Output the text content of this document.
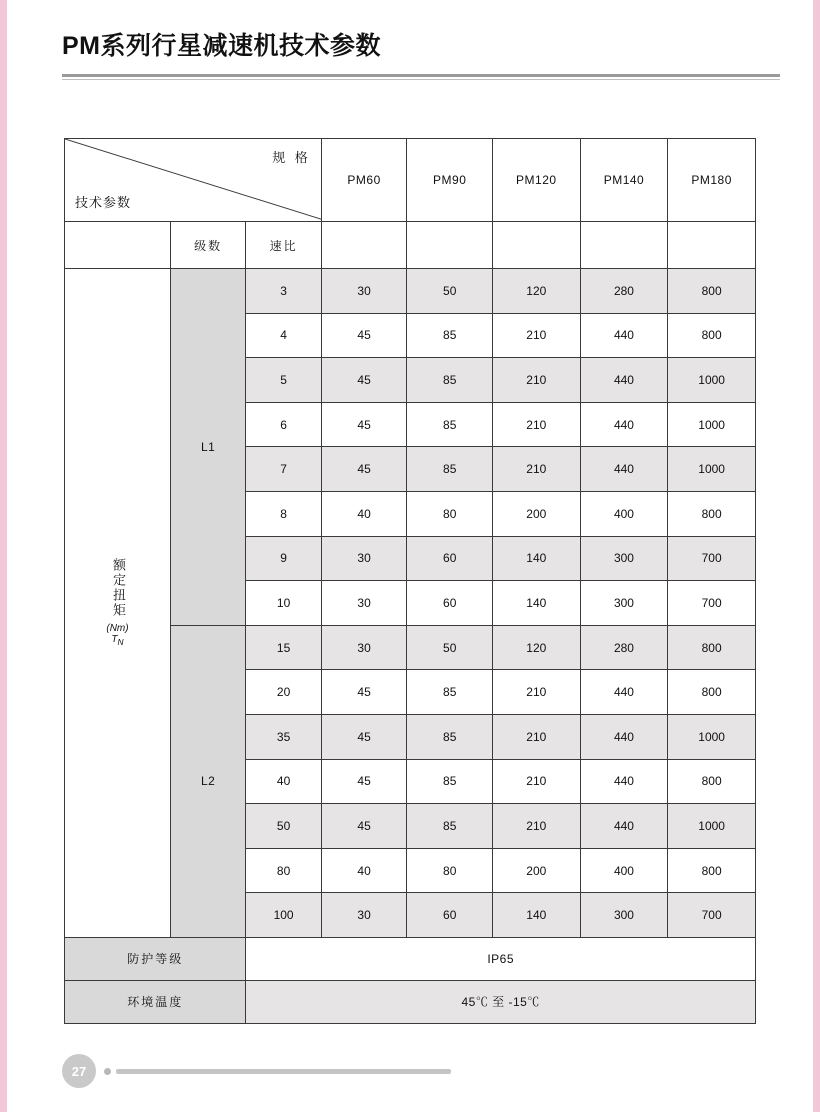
PM系列行星减速机技术参数
规 格
技术参数			PM60	PM90	PM120	PM140	PM180

	级数	速比					
额定扭矩
(Nm)
$T_N$	L1	3	30	50	120	280	800
		4	45	85	210	440	800
		5	45	85	210	440	1000
		6	45	85	210	440	1000
		7	45	85	210	440	1000
		8	40	80	200	400	800
		9	30	60	140	300	700
		10	30	60	140	300	700
	L2	15	30	50	120	280	800
		20	45	85	210	440	800
		35	45	85	210	440	1000
		40	45	85	210	440	800
		50	45	85	210	440	1000
		80	40	80	200	400	800
		100	30	60	140	300	700
防护等级		IP65					
环境温度		45℃ 至 -15℃					
27
